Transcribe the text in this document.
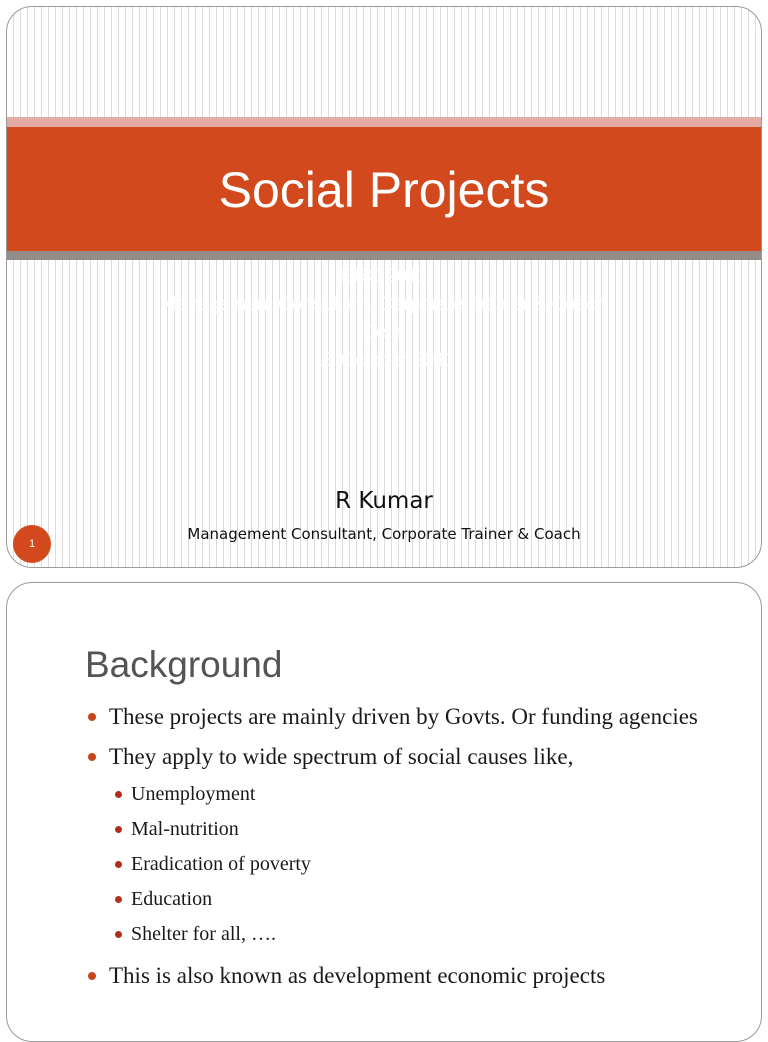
Social Projects
ERC 2011
Management Consultant, Corporate Trainer & Coach
Delhi
18 October 2011
R Kumar
Management Consultant, Corporate Trainer & Coach
1
Background
These projects are mainly driven by Govts. Or funding agencies
They apply to wide spectrum of social causes like,
Unemployment
Mal-nutrition
Eradication of poverty
Education
Shelter for all, ….
This is also known as development economic projects
